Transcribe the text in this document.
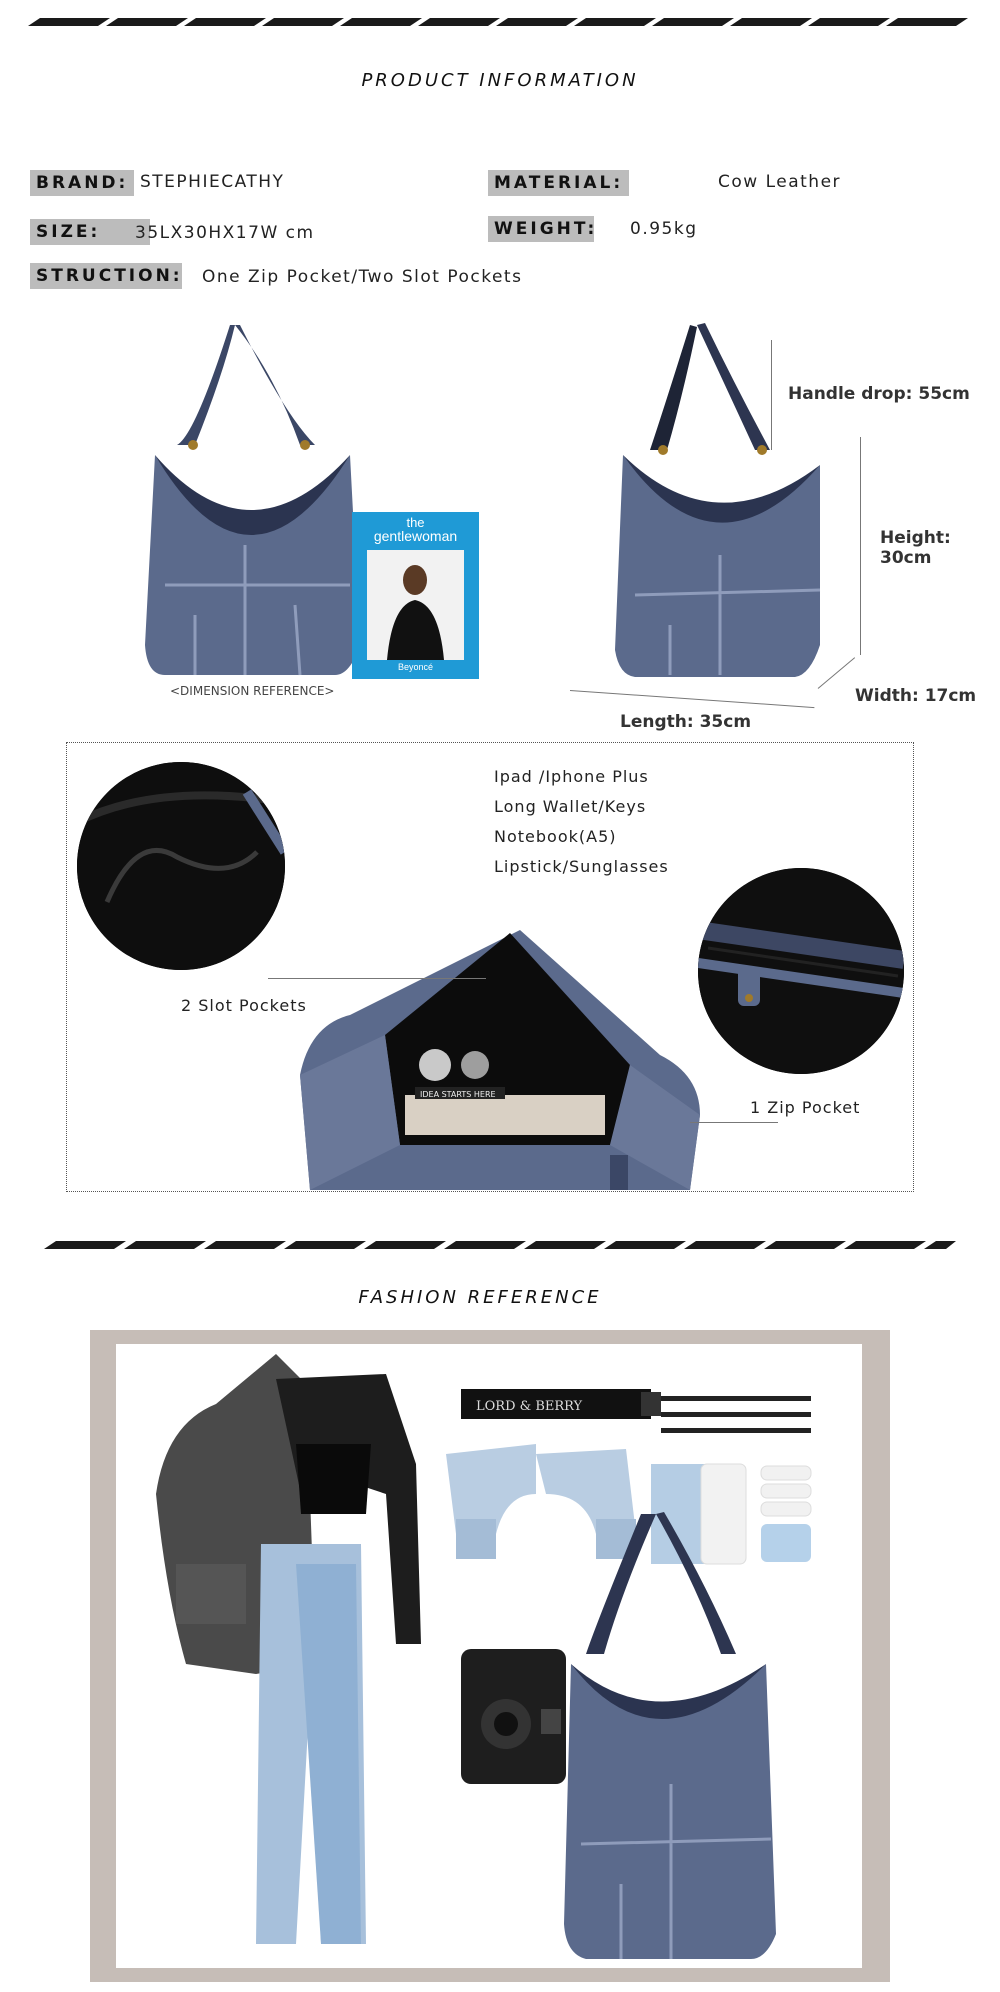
PRODUCT INFORMATION
BRAND: STEPHIECATHY	MATERIAL:	Cow Leather
SIZE:	35LX30HX17W cm	WEIGHT: 0.95kg
STRUCTION: One Zip Pocket/Two Slot Pockets
the
gentlewoman
Beyoncé
<DIMENSION REFERENCE>
Handle drop: 55cm
Height: 30cm
Width: 17cm
Length: 35cm
Ipad /Iphone Plus
Long Wallet/Keys
Notebook(A5)
Lipstick/Sunglasses
IDEA STARTS HERE
2 Slot Pockets
1 Zip Pocket
FASHION REFERENCE
LORD & BERRY
